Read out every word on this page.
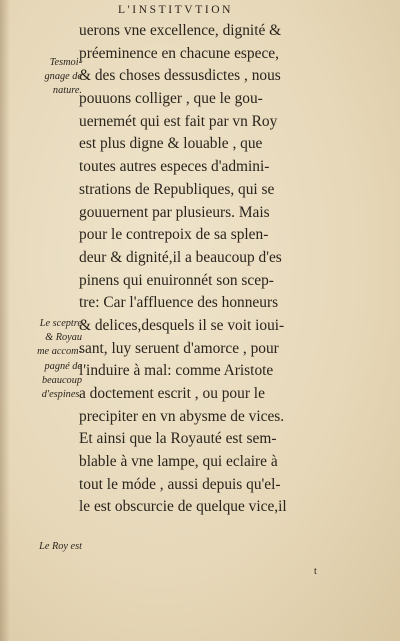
L'INSTITVTION
uerons vne excellence, dignité &
préeminence en chacune espece,
& des choses dessusdictes , nous
pouuons colliger , que le gou-
uernemét qui est fait par vn Roy
est plus digne & louable , que
toutes autres especes d'admini-
strations de Republiques, qui se
gouuernent par plusieurs. Mais
pour le contrepoix de sa splen-
deur & dignité,il a beaucoup d'es
pinens qui enuironnét son scep-
tre: Car l'affluence des honneurs
& delices,desquels il se voit ioui-
sant, luy seruent d'amorce , pour
l'induire à mal: comme Aristote
a doctement escrit , ou pour le
precipiter en vn abysme de vices.
Et ainsi que la Royauté est sem-
blable à vne lampe, qui eclaire à
tout le móde , aussi depuis qu'el-
le est obscurcie de quelque vice,il
Tesmoi-
gnage de
nature.
Le sceptre
& Royau
me accom-
pagné de
beaucoup
d'espines.
Le Roy est
t
